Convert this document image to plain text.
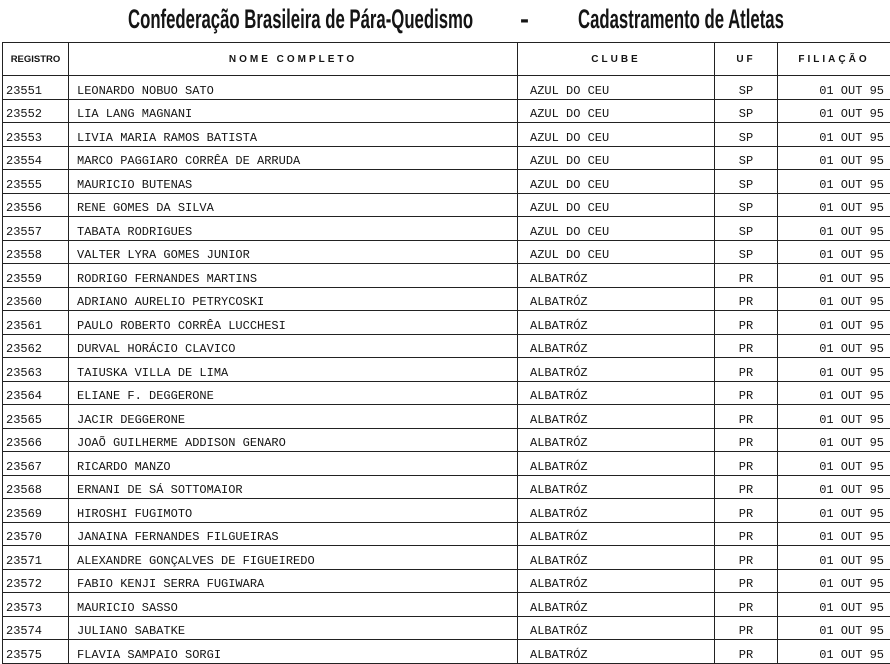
Confederação Brasileira de Pára-Quedismo - Cadastramento de Atletas
REGISTRO	NOME COMPLETO	CLUBE	UF	FILIAÇÃO
23551	LEONARDO NOBUO SATO	AZUL DO CEU	SP	01 OUT 95
23552	LIA LANG MAGNANI	AZUL DO CEU	SP	01 OUT 95
23553	LIVIA MARIA RAMOS BATISTA	AZUL DO CEU	SP	01 OUT 95
23554	MARCO PAGGIARO CORRÊA DE ARRUDA	AZUL DO CEU	SP	01 OUT 95
23555	MAURICIO BUTENAS	AZUL DO CEU	SP	01 OUT 95
23556	RENE GOMES DA SILVA	AZUL DO CEU	SP	01 OUT 95
23557	TABATA RODRIGUES	AZUL DO CEU	SP	01 OUT 95
23558	VALTER LYRA GOMES JUNIOR	AZUL DO CEU	SP	01 OUT 95
23559	RODRIGO FERNANDES MARTINS	ALBATRÓZ	PR	01 OUT 95
23560	ADRIANO AURELIO PETRYCOSKI	ALBATRÓZ	PR	01 OUT 95
23561	PAULO ROBERTO CORRÊA LUCCHESI	ALBATRÓZ	PR	01 OUT 95
23562	DURVAL HORÁCIO CLAVICO	ALBATRÓZ	PR	01 OUT 95
23563	TAIUSKA VILLA DE LIMA	ALBATRÓZ	PR	01 OUT 95
23564	ELIANE F. DEGGERONE	ALBATRÓZ	PR	01 OUT 95
23565	JACIR DEGGERONE	ALBATRÓZ	PR	01 OUT 95
23566	JOAÕ GUILHERME ADDISON GENARO	ALBATRÓZ	PR	01 OUT 95
23567	RICARDO MANZO	ALBATRÓZ	PR	01 OUT 95
23568	ERNANI DE SÁ SOTTOMAIOR	ALBATRÓZ	PR	01 OUT 95
23569	HIROSHI FUGIMOTO	ALBATRÓZ	PR	01 OUT 95
23570	JANAINA FERNANDES FILGUEIRAS	ALBATRÓZ	PR	01 OUT 95
23571	ALEXANDRE GONÇALVES DE FIGUEIREDO	ALBATRÓZ	PR	01 OUT 95
23572	FABIO KENJI SERRA FUGIWARA	ALBATRÓZ	PR	01 OUT 95
23573	MAURICIO SASSO	ALBATRÓZ	PR	01 OUT 95
23574	JULIANO SABATKE	ALBATRÓZ	PR	01 OUT 95
23575	FLAVIA SAMPAIO SORGI	ALBATRÓZ	PR	01 OUT 95
